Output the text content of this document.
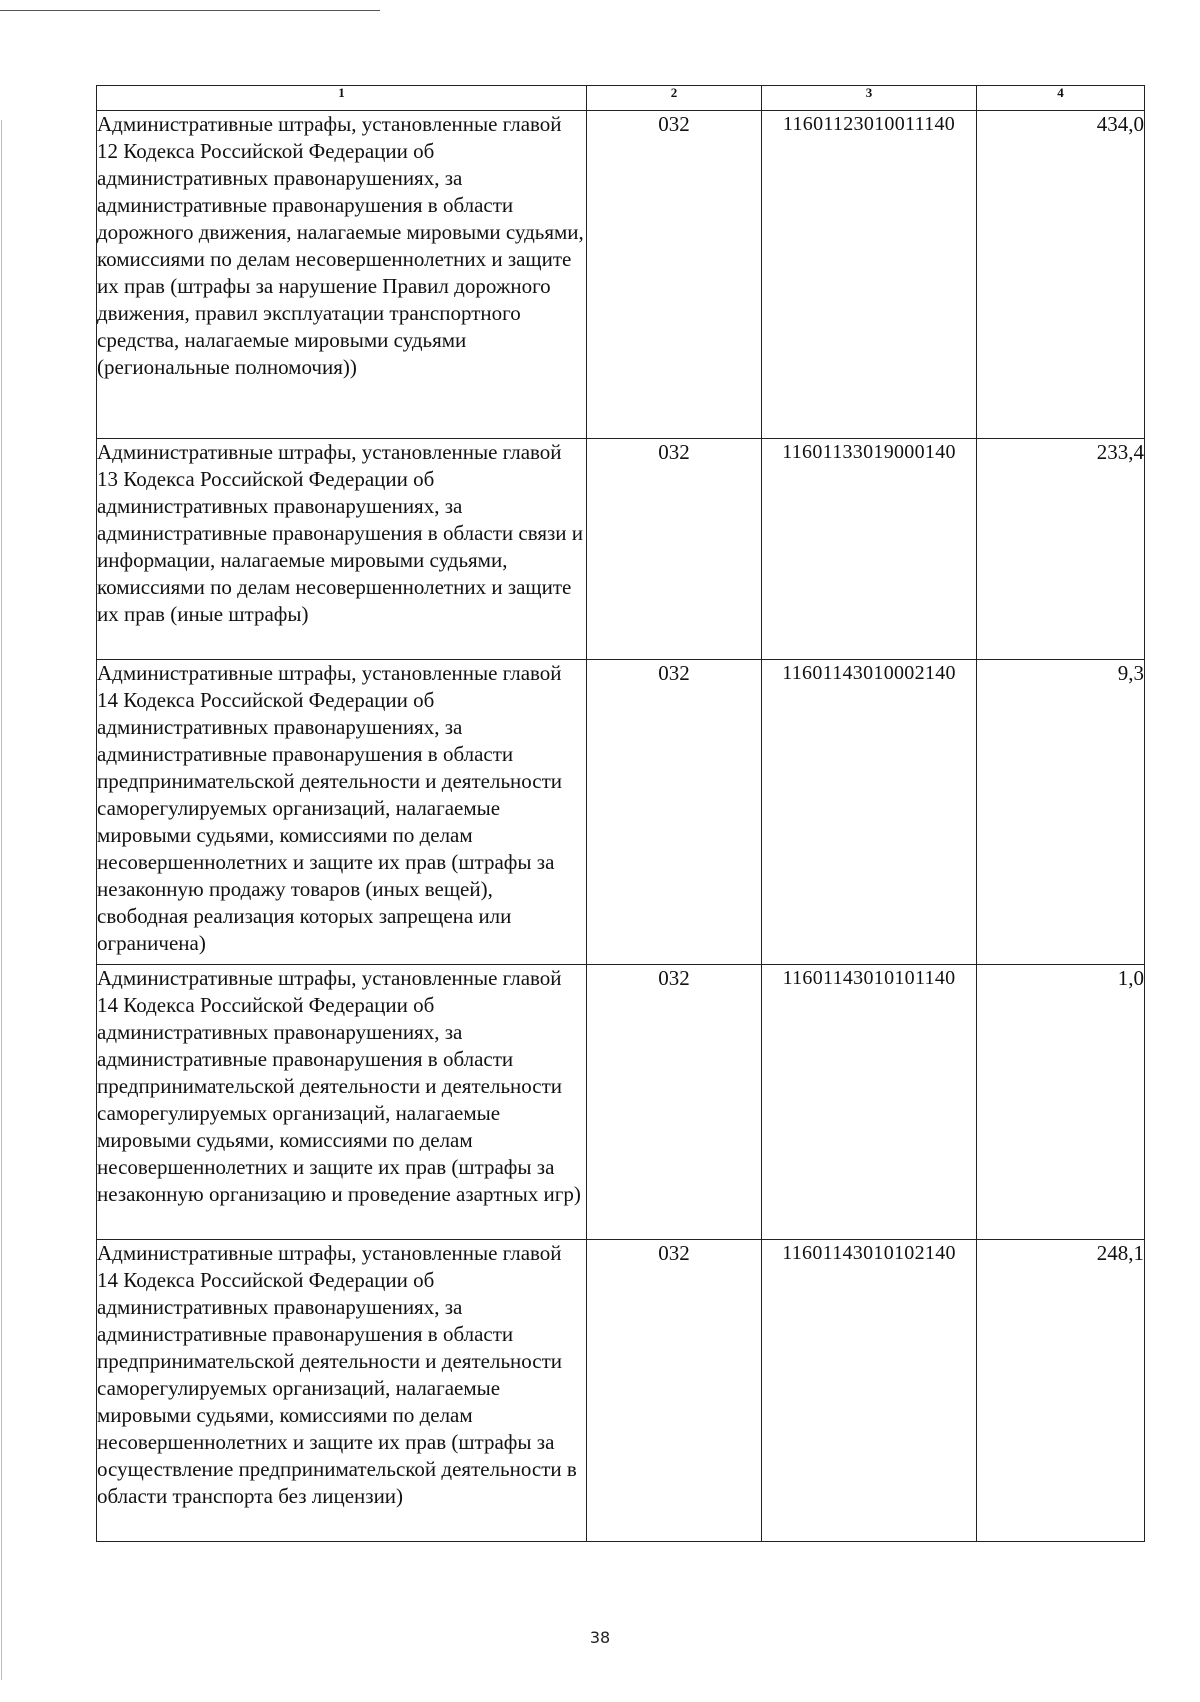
1	2	3	4
Административные штрафы, установленные главой 12 Кодекса Российской Федерации об административных правонарушениях, за административные правонарушения в области дорожного движения, налагаемые мировыми судьями, комиссиями по делам несовершеннолетних и защите их прав (штрафы за нарушение Правил дорожного движения, правил эксплуатации транспортного средства, налагаемые мировыми судьями (региональные полномочия))	032	11601123010011140	434,0
Административные штрафы, установленные главой 13 Кодекса Российской Федерации об административных правонарушениях, за административные правонарушения в области связи и информации, налагаемые мировыми судьями, комиссиями по делам несовершеннолетних и защите их прав (иные штрафы)	032	11601133019000140	233,4
Административные штрафы, установленные главой 14 Кодекса Российской Федерации об административных правонарушениях, за административные правонарушения в области предпринимательской деятельности и деятельности саморегулируемых организаций, налагаемые мировыми судьями, комиссиями по делам несовершеннолетних и защите их прав (штрафы за незаконную продажу товаров (иных вещей), свободная реализация которых запрещена или ограничена)	032	11601143010002140	9,3
Административные штрафы, установленные главой 14 Кодекса Российской Федерации об административных правонарушениях, за административные правонарушения в области предпринимательской деятельности и деятельности саморегулируемых организаций, налагаемые мировыми судьями, комиссиями по делам несовершеннолетних и защите их прав (штрафы за незаконную организацию и проведение азартных игр)	032	11601143010101140	1,0
Административные штрафы, установленные главой 14 Кодекса Российской Федерации об административных правонарушениях, за административные правонарушения в области предпринимательской деятельности и деятельности саморегулируемых организаций, налагаемые мировыми судьями, комиссиями по делам несовершеннолетних и защите их прав (штрафы за осуществление предпринимательской деятельности в области транспорта без лицензии)	032	11601143010102140	248,1
38
